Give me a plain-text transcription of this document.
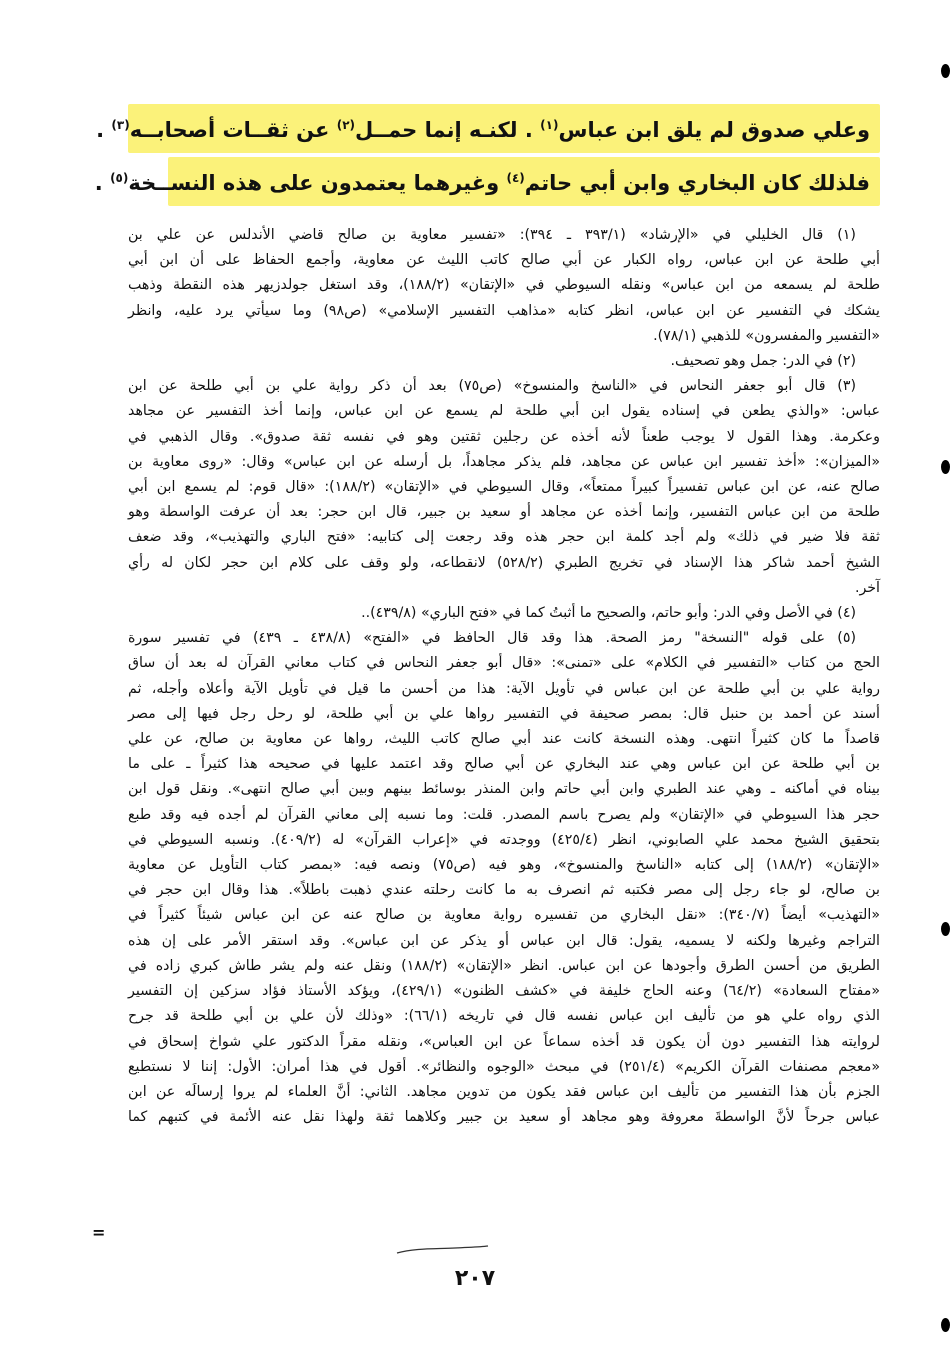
وعلي صدوق لم يلق ابن عباس$^{(١)}$ . لكنـه إنما حمــل$^{(٢)}$ عن ثقــات أصحابــه$^{(٣)}$ .
فلذلك كان البخاري وابن أبي حاتم$^{(٤)}$ وغيرهما يعتمدون على هذه النســخة$^{(٥)}$ .
(١) قال الخليلي في «الإرشاد» (٣٩٣/١ ـ ٣٩٤): «تفسير معاوية بن صالح قاضي الأندلس عن علي بن
أبي طلحة عن ابن عباس، رواه الكبار عن أبي صالح كاتب الليث عن معاوية، وأجمع الحفاظ على أن ابن أبي
طلحة لم يسمعه من ابن عباس» ونقله السيوطي في «الإتقان» (١٨٨/٢)، وقد استغل جولدزيهر هذه النقطة وذهب
يشكك في التفسير عن ابن عباس، انظر كتابه «مذاهب التفسير الإسلامي» (ص٩٨) وما سيأتي يرد عليه، وانظر
«التفسير والمفسرون» للذهبي (٧٨/١).
(٢) في الدر: جمل وهو تصحيف.
(٣) قال أبو جعفر النحاس في «الناسخ والمنسوخ» (ص٧٥) بعد أن ذكر رواية علي بن أبي طلحة عن ابن
عباس: «والذي يطعن في إسناده يقول ابن أبي طلحة لم يسمع عن ابن عباس، وإنما أخذ التفسير عن مجاهد
وعكرمة. وهذا القول لا يوجب طعناً لأنه أخذه عن رجلين ثقتين وهو في نفسه ثقة صدوق». وقال الذهبي في
«الميزان»: «أخذ تفسير ابن عباس عن مجاهد، فلم يذكر مجاهداً، بل أرسله عن ابن عباس» وقال: «روى معاوية بن
صالح عنه، عن ابن عباس تفسيراً كبيراً ممتعاً»، وقال السيوطي في «الإتقان» (١٨٨/٢): «قال قوم: لم يسمع ابن أبي
طلحة من ابن عباس التفسير، وإنما أخذه عن مجاهد أو سعيد بن جبير، قال ابن حجر: بعد أن عرفت الواسطة وهو
ثقة فلا ضير في ذلك» ولم أجد كلمة ابن حجر هذه وقد رجعت إلى كتابيه: «فتح الباري والتهذيب»، وقد ضعف
الشيخ أحمد شاكر هذا الإسناد في تخريج الطبري (٥٢٨/٢) لانقطاعه، ولو وقف على كلام ابن حجر لكان له رأي
آخر.
(٤) في الأصل وفي الدر: وأبو حاتم، والصحيح ما أثبتُ كما في «فتح الباري» (٤٣٩/٨)..
(٥) على قوله "النسخة" رمز الصحة. هذا وقد قال الحافظ في «الفتح» (٤٣٨/٨ ـ ٤٣٩) في تفسير سورة
الحج من كتاب «التفسير في الكلام» على «تمنى»: «قال أبو جعفر النحاس في كتاب معاني القرآن له بعد أن ساق
رواية علي بن أبي طلحة عن ابن عباس في تأويل الآية: هذا من أحسن ما قيل في تأويل الآية وأعلاه وأجله، ثم
أسند عن أحمد بن حنبل قال: بمصر صحيفة في التفسير رواها علي بن أبي طلحة، لو رحل رجل فيها إلى مصر
قاصداً ما كان كثيراً انتهى. وهذه النسخة كانت عند أبي صالح كاتب الليث، رواها عن معاوية بن صالح، عن علي
بن أبي طلحة عن ابن عباس وهي عند البخاري عن أبي صالح وقد اعتمد عليها في صحيحه هذا كثيراً ـ على ما
بيناه في أماكنه ـ وهي عند الطبري وابن أبي حاتم وابن المنذر بوسائط بينهم وبين أبي صالح انتهى». ونقل قول ابن
حجر هذا السيوطي في «الإتقان» ولم يصرح باسم المصدر. قلت: وما نسبه إلى معاني القرآن لم أجده فيه وقد طبع
بتحقيق الشيخ محمد علي الصابوني، انظر (٤٢٥/٤) ووجدته في «إعراب القرآن» له (٤٠٩/٢). ونسبه السيوطي في
«الإتقان» (١٨٨/٢) إلى كتابه «الناسخ والمنسوخ»، وهو فيه (ص٧٥) ونصه فيه: «بمصر كتاب التأويل عن معاوية
بن صالح، لو جاء رجل إلى مصر فكتبه ثم انصرف به ما كانت رحلته عندي ذهبت باطلاً». هذا وقال ابن حجر في
«التهذيب» أيضاً (٣٤٠/٧): «نقل البخاري من تفسيره رواية معاوية بن صالح عنه عن ابن عباس شيئاً كثيراً في
التراجم وغيرها ولكنه لا يسميه، يقول: قال ابن عباس أو يذكر عن ابن عباس». وقد استقر الأمر على إن هذه
الطريق من أحسن الطرق وأجودها عن ابن عباس. انظر «الإتقان» (١٨٨/٢) ونقل عنه ولم يشر طاش كبري زاده في
«مفتاح السعادة» (٦٤/٢) وعنه الحاج خليفة في «كشف الظنون» (٤٢٩/١)، ويؤكد الأستاذ فؤاد سزكين إن التفسير
الذي رواه علي هو من تأليف ابن عباس نفسه قال في تاريخه (٦٦/١): «وذلك لأن علي بن أبي طلحة قد جرح
لروايته هذا التفسير دون أن يكون قد أخذه سماعاً عن ابن العباس»، ونقله مقراً الدكتور علي شواخ إسحاق في
«معجم مصنفات القرآن الكريم» (٢٥١/٤) في مبحث «الوجوه والنظائر». أقول في هذا أمران: الأول: إننا لا نستطيع
الجزم بأن هذا التفسير من تأليف ابن عباس فقد يكون من تدوين مجاهد. الثاني: أنَّ العلماء لم يروا إرسالَه عن ابن
عباس جرحاً لأنَّ الواسطةَ معروفة وهو مجاهد أو سعيد بن جبير وكلاهما ثقة ولهذا نقل عنه الأئمة في كتبهم كما
=
٢٠٧
